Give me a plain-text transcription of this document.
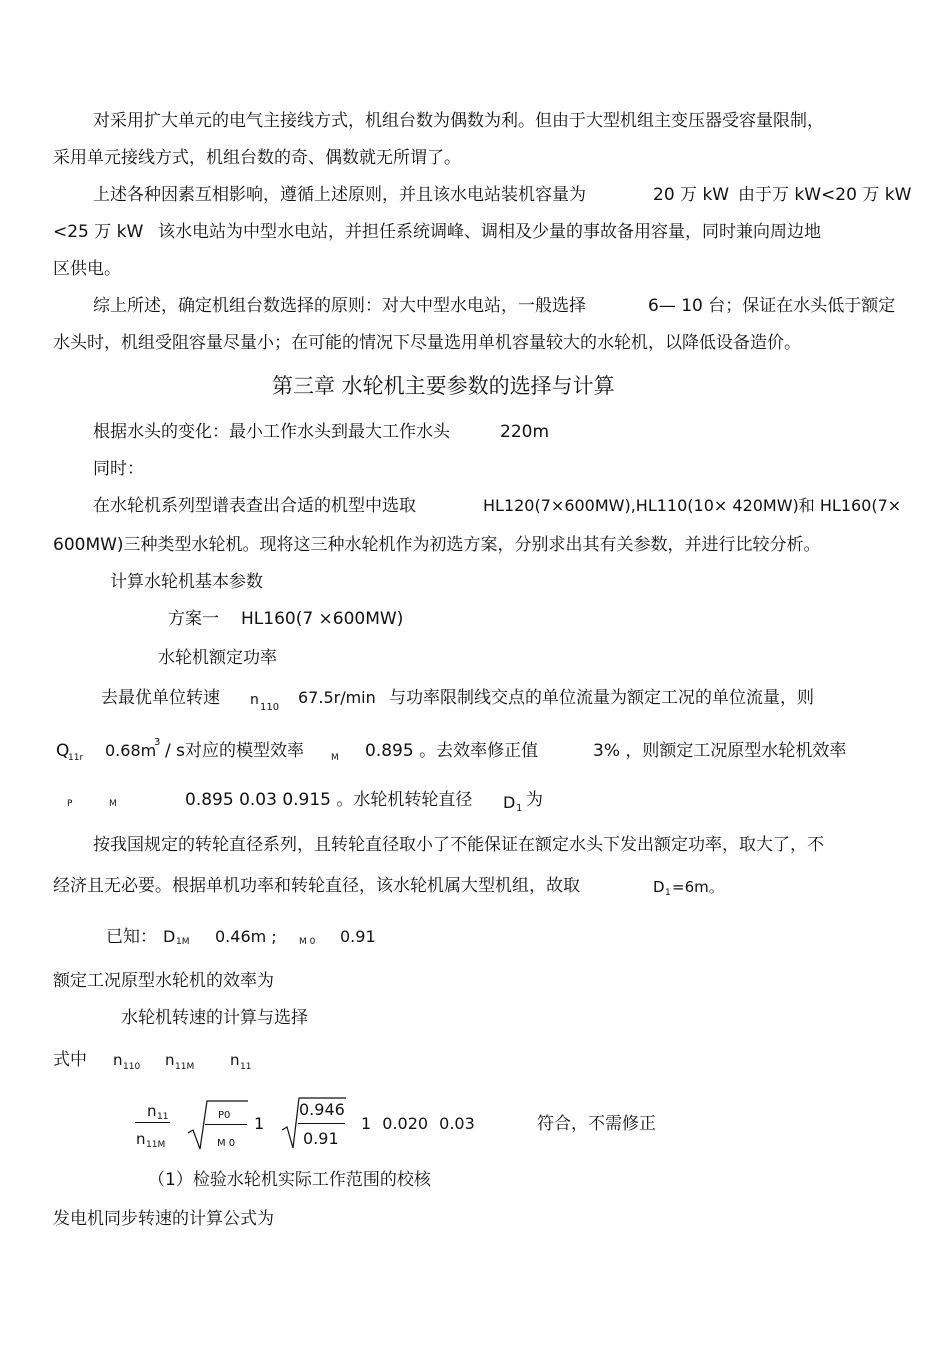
对采用扩大单元的电气主接线方式，机组台数为偶数为利。但由于大型机组主变压器受容量限制，
采用单元接线方式，机组台数的奇、偶数就无所谓了。
上述各种因素互相影响，遵循上述原则，并且该水电站装机容量为	20 万 kW 由于万 kW<20 万 kW
<25 万 kW 该水电站为中型水电站，并担任系统调峰、调相及少量的事故备用容量，同时兼向周边地
区供电。
综上所述，确定机组台数选择的原则：对大中型水电站，一般选择	6— 10 台；保证在水头低于额定
水头时，机组受阻容量尽量小；在可能的情况下尽量选用单机容量较大的水轮机，以降低设备造价。
第三章 水轮机主要参数的选择与计算
根据水头的变化：最小工作水头到最大工作水头	220m
同时：
在水轮机系列型谱表查出合适的机型中选取	HL120(7×600MW),HL110(10× 420MW)和 HL160(7×
600MW)三种类型水轮机。现将这三种水轮机作为初选方案，分别求出其有关参数，并进行比较分析。
计算水轮机基本参数
方案一 HL160(7 ×600MW)
水轮机额定功率
去最优单位转速 n 110
67.5r/min 与功率限制线交点的单位流量为额定工况的单位流量，则
Q
11r 0.68m
3 / s对应的模型效率	M 0.895 。去效率修正值	3% ，则额定工况原型水轮机效率
P	M	0.895 0.03 0.915 。水轮机转轮直径 D 1 为
按我国规定的转轮直径系列，且转轮直径取小了不能保证在额定水头下发出额定功率，取大了，不
经济且无必要。根据单机功率和转轮直径，该水轮机属大型机组，故取	D 1 =6m。
已知： D 1M 0.46m ; M 0 0.91
额定工况原型水轮机的效率为
水轮机转速的计算与选择
式中 n 110 n 11M n 11
n 11
n 11M
P0
M 0
1
0.946
0.91
1 0.020 0.03	符合，不需修正
（1）检验水轮机实际工作范围的校核
发电机同步转速的计算公式为
